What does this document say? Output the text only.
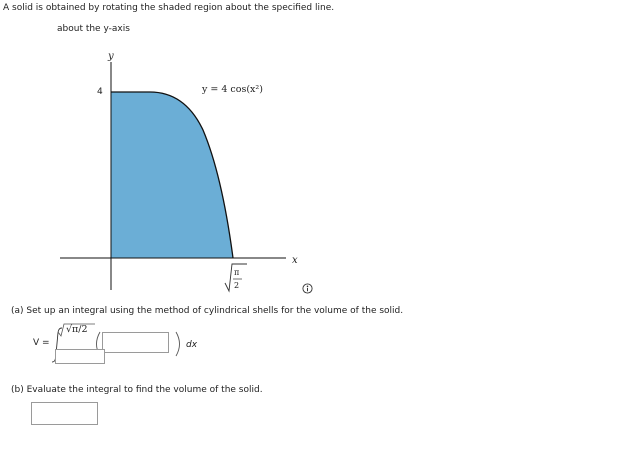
A solid is obtained by rotating the shaded region about the specified line.
about the y-axis
y
x
4	y = 4 cos(x²)
π
2
(a) Set up an integral using the method of cylindrical shells for the volume of the solid.
V =
√π/2
dx
(b) Evaluate the integral to find the volume of the solid.
